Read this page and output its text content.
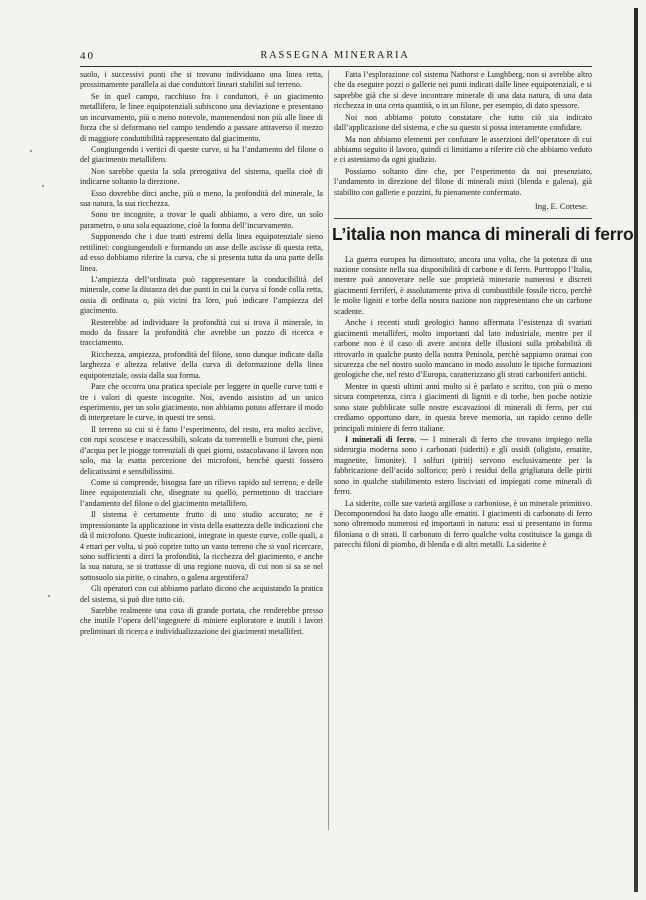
40	RASSEGNA MINERARIA

suolo, i successivi punti che si trovano individuano una linea retta, prossimamente parallela ai due conduttori lineari stabiliti sul terreno.

Se in quel campo, racchiuso fra i conduttori, è un giacimento metallifero, le linee equipotenziali subiscono una deviazione e presentano un incurvamento, più o meno notevole, mantenendosi non più alle linee di forza che si deformano nel campo tendendo a passare attraverso il mezzo di maggiore conduttibilità rappresentato dal giacimento.

Congiungendo i vertici di queste curve, si ha l’andamento del filone o del giacimento metallifero.

Non sarebbe questa la sola prerogativa del sistema, quella cioè di indicarne soltanto la direzione.

Esso dovrebbe dirci anche, più o meno, la profondità del minerale, la sua natura, la sua ricchezza.

Sono tre incognite, a trovar le quali abbiamo, a vero dire, un solo parametro, o una sola equazione, cioè la forma dell’incurvamento.

Supponendo che i due tratti estremi della linea equipotenziale sieno rettilinei: congiungendoli e formando un asse delle ascisse di questa retta, ad esso dobbiamo riferire la curva, che si presenta tutta da una parte della linea.

L’ampiezza dell’ordinata può rappresentare la conducibilità del minerale, come la distanza dei due punti in cui la curva si fonde colla retta, ossia di ordinata o, più vicini fra loro, può indicare l’ampiezza del giacimento.

Resterebbe ad individuare la profondità cui si trova il minerale, in modo da fissare la profondità che avrebbe un pozzo di ricerca e tracciamento.

Ricchezza, ampiezza, profondità del filone, sono dunque indicate dalla larghezza e altezza relative della curva di deformazione della linea equipotenziale, ossia dalla sua forma.

Pare che occorra una pratica speciale per leggere in quelle curve tutti e tre i valori di queste incognite. Noi, avendo assistito ad un unico esperimento, per un solo giacimento, non abbiamo potuto afferrare il modo di interpretare le curve, in questi tre sensi.

Il terreno su cui si è fatto l’esperimento, del resto, era molto acclive, con rupi scoscese e inaccessibili, solcato da torrentelli e burroni che, pieni d’acqua per le piogge torrenziali di quei giorni, ostacolavano il lavoro non solo, ma la esatta percezione dei microfoni, benchè questi fossero delicatissimi e sensibilissimi.

Come si comprende, bisogna fare un rilievo rapido sul terreno, e delle linee equipotenziali che, disegnate su quello, permettono di tracciare l’andamento del filone o del giacimento metallifero.

Il sistema è certamente frutto di uno studio accurato; ne è impressionante la applicazione in vista della esattezza delle indicazioni che dà il microfono. Queste indicazioni, integrate in queste curve, colle quali, a 4 ettari per volta, si può coprire tutto un vasto terreno che si vuol ricercare, sono sufficienti a dirci la profondità, la ricchezza del giacimento, e anche la sua natura, se si trattasse di una regione nuova, di cui non si sa se nel sottosuolo sia pirite, o cinabro, o galena argentifera?

Gli operatori con cui abbiamo parlato dicono che acquistando la pratica del sistema, si può dire tutto ciò.

Sarebbe realmente una cosa di grande portata, che renderebbe presso che inutile l’opera dell’ingegnere di miniere esploratore e inutili i lavori preliminari di ricerca e individualizzazione dei giacimenti metalliferi.

Fatta l’esplorazione col sistema Nathorst e Lunghberg, non si avrebbe altro che da eseguire pozzi o gallerie nei punti indicati dalle linee equipotenziali, e si saprebbe già che si deve incontrare minerale di una data natura, di una data ricchezza in una certa quantità, o in un filone, per esempio, di dato spessore.

Noi non abbiamo potuto constatare che tutto ciò sia indicato dall’applicazione del sistema, e che su questo si possa interamente confidare.

Ma non abbiamo elementi per confutare le asserzioni dell’operatore di cui abbiamo seguito il lavoro, quindi ci limitiamo a riferire ciò che abbiamo veduto e ci asteniamo da ogni giudizio.

Possiamo soltanto dire che, per l’esperimento da noi presenziato, l’andamento in direzione del filone di minerali misti (blenda e galena), già stabilito con gallerie e pozzini, fu pienamente confermato.

Ing. E. Cortese.
L’italia non manca di minerali di ferro

La guerra europea ha dimostrato, ancora una volta, che la potenza di una nazione consiste nella sua disponibilità di carbone e di ferro. Purtroppo l’Italia, mentre può annoverare nelle sue proprietà minerarie numerosi e discreti giacimenti ferriferi, è assolutamente priva di combustibile fossile ricco, perchè le molte ligniti e torbe della nostra nazione non rappresentano che un carbone scadente.

Anche i recenti studi geologici hanno affermata l’esistenza di svariati giacimenti metalliferi, molto importanti dal lato industriale, mentre per il carbone non è il caso di avere ancora delle illusioni sulla probabilità di ritrovarlo in qualche punto della nostra Penisola, perchè sappiamo oramai con sicurezza che nel nostro suolo mancano in modo assoluto le tipiche formazioni geologiche che, nel resto d’Europa, caratterizzano gli strati carboniferi antichi.

Mentre in questi ultimi anni molto si è parlato e scritto, con più o meno sicura competenza, circa i giacimenti di ligniti e di torbe, ben poche notizie sono state pubblicate sulle nostre escavazioni di minerali di ferro, per cui crediamo opportuno dare, in questa breve memoria, un rapido cenno delle principali miniere di ferro italiane.

I minerali di ferro. — I minerali di ferro che trovano impiego nella siderurgia moderna sono i carbonati (sideriti) e gli ossidi (oligisto, ematite, magnetite, limonite). I solfuri (piriti) servono esclusivamente per la fabbricazione dell’acido solforico; però i residui della grigliatura delle piriti sono in qualche stabilimento estero lisciviati ed impiegati come minerali di ferro.

La siderite, colle sue varietà argillose o carboniose, è un minerale primitivo. Decomponendosi ha dato luogo alle ematiti. I giacimenti di carbonato di ferro sono oltremodo numerosi ed importanti in natura: essi si presentano in forma filoniana o di strati. Il carbonato di ferro qualche volta costituisce la ganga di parecchi filoni di piombo, di blenda e di altri metalli. La siderite è
